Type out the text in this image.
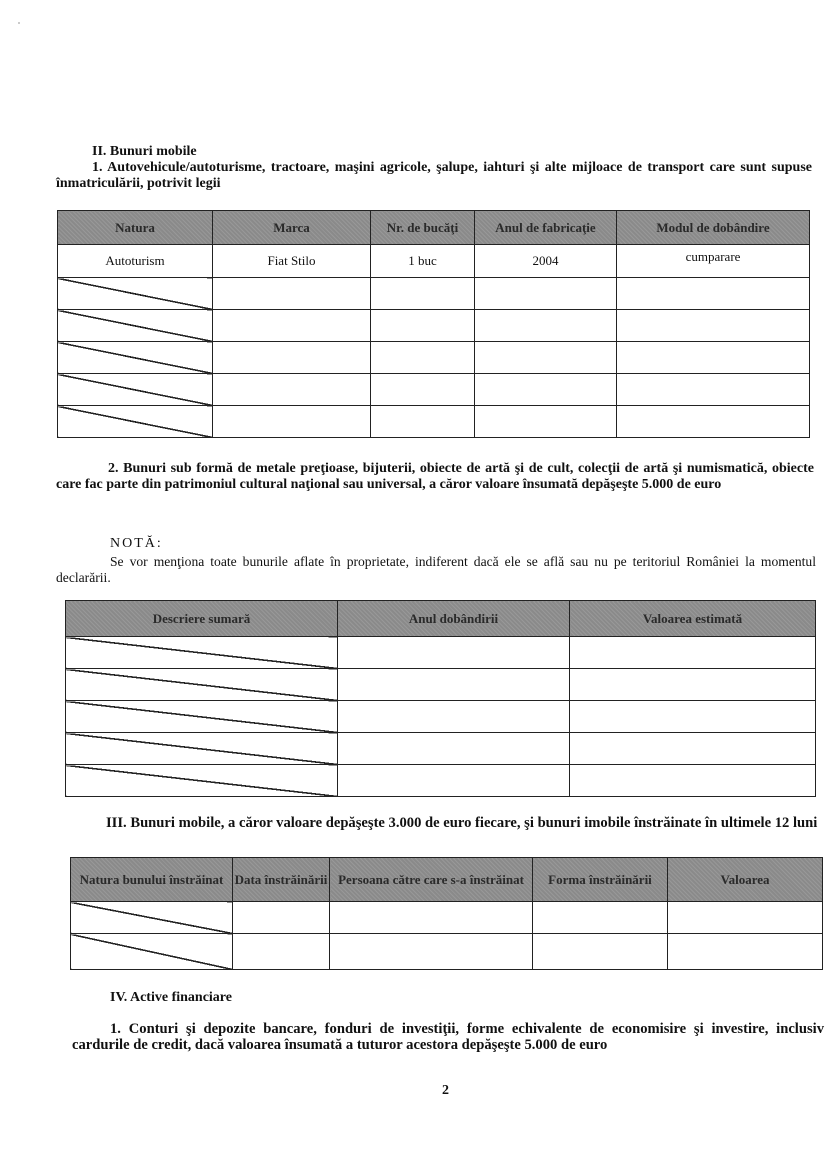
II. Bunuri mobile
1. Autovehicule/autoturisme, tractoare, maşini agricole, şalupe, iahturi şi alte mijloace de transport care sunt supuse înmatriculării, potrivit legii
Natura	Marca	Nr. de bucăţi	Anul de fabricaţie	Modul de dobândire
Autoturism	Fiat Stilo	1 buc	2004	cumparare

2. Bunuri sub formă de metale preţioase, bijuterii, obiecte de artă şi de cult, colecţii de artă şi numismatică, obiecte care fac parte din patrimoniul cultural naţional sau universal, a căror valoare însumată depăşeşte 5.000 de euro
NOTĂ:
Se vor menţiona toate bunurile aflate în proprietate, indiferent dacă ele se află sau nu pe teritoriul României la momentul declarării.
Descriere sumară	Anul dobândirii	Valoarea estimată

III. Bunuri mobile, a căror valoare depăşeşte 3.000 de euro fiecare, şi bunuri imobile înstrăinate în ultimele 12 luni
Natura bunului înstrăinat	Data înstrăinării	Persoana către care s-a înstrăinat	Forma înstrăinării	Valoarea

IV. Active financiare
1. Conturi şi depozite bancare, fonduri de investiţii, forme echivalente de economisire şi investire, inclusiv cardurile de credit, dacă valoarea însumată a tuturor acestora depăşeşte 5.000 de euro
2
